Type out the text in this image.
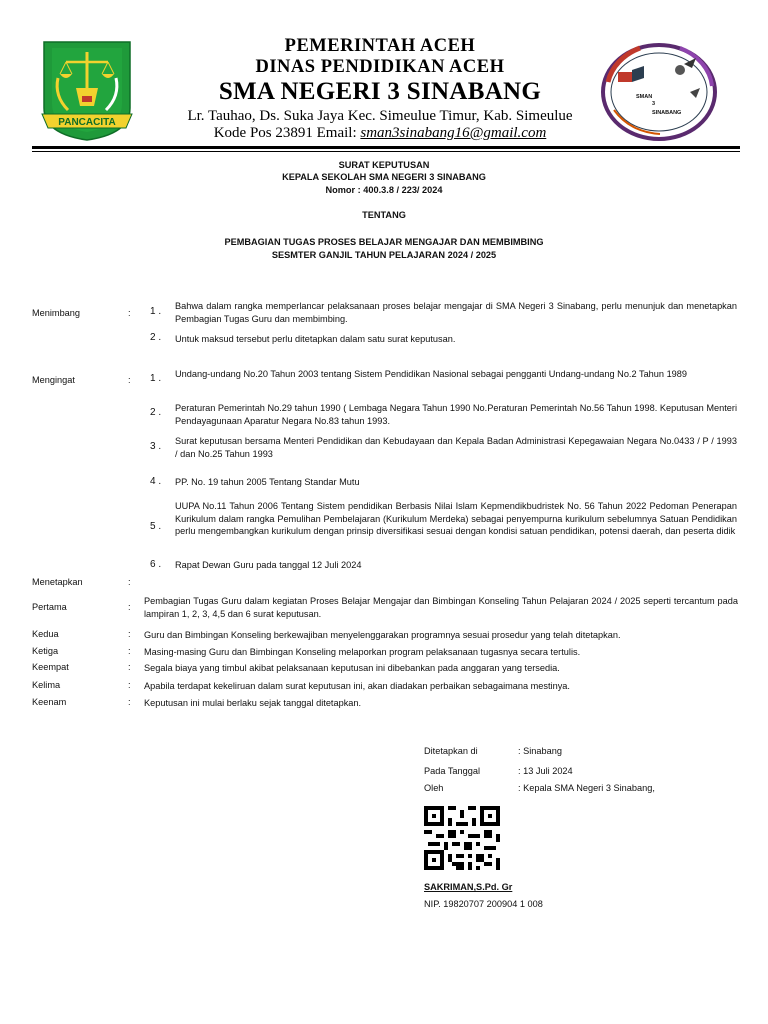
PANCACITA
PEMERINTAH ACEH
DINAS PENDIDIKAN ACEH
SMA NEGERI 3 SINABANG
Lr. Tauhao, Ds. Suka Jaya Kec. Simeulue Timur, Kab. Simeulue
Kode Pos 23891 Email: sman3sinabang16@gmail.com
SMAN
3
SINABANG
SURAT KEPUTUSAN
KEPALA SEKOLAH SMA NEGERI 3 SINABANG
Nomor : 400.3.8 / 223/ 2024
TENTANG
PEMBAGIAN TUGAS PROSES BELAJAR MENGAJAR DAN MEMBIMBING
SESMTER GANJIL TAHUN PELAJARAN 2024 / 2025
Menimbang	: 1 . Bahwa dalam rangka memperlancar pelaksanaan proses belajar mengajar di SMA Negeri 3 Sinabang, perlu menunjuk dan menetapkan Pembagian Tugas Guru dan membimbing.
2 . Untuk maksud tersebut perlu ditetapkan dalam satu surat keputusan.
Mengingat	: 1 . Undang-undang No.20 Tahun 2003 tentang Sistem Pendidikan Nasional sebagai pengganti Undang-undang No.2 Tahun 1989
2 . Peraturan Pemerintah No.29 tahun 1990 ( Lembaga Negara Tahun 1990 No.Peraturan Pemerintah No.56 Tahun 1998. Keputusan Menteri Pendayagunaan Aparatur Negara No.83 tahun 1993.
3 . Surat keputusan bersama Menteri Pendidikan dan Kebudayaan dan Kepala Badan Administrasi Kepegawaian Negara No.0433 / P / 1993 / dan No.25 Tahun 1993
4 . PP. No. 19 tahun 2005 Tentang Standar Mutu
5 .
UUPA No.11 Tahun 2006 Tentang Sistem pendidikan Berbasis Nilai Islam Kepmendikbudristek No. 56 Tahun 2022 Pedoman Penerapan Kurikulum dalam rangka Pemulihan Pembelajaran (Kurikulum Merdeka) sebagai penyempurna kurikulum sebelumnya Satuan Pendidikan perlu mengembangkan kurikulum dengan prinsip diversifikasi sesuai dengan kondisi satuan pendidikan, potensi daerah, dan peserta didik
6 . Rapat Dewan Guru pada tanggal 12 Juli 2024
Menetapkan	:
Pertama	:
Pembagian Tugas Guru dalam kegiatan Proses Belajar Mengajar dan Bimbingan Konseling Tahun Pelajaran 2024 / 2025 seperti tercantum pada lampiran 1, 2, 3, 4,5 dan 6 surat keputusan.
Kedua	: Guru dan Bimbingan Konseling berkewajiban menyelenggarakan programnya sesuai prosedur yang telah ditetapkan.
Ketiga	: Masing-masing Guru dan Bimbingan Konseling melaporkan program pelaksanaan tugasnya secara tertulis.
Keempat	: Segala biaya yang timbul akibat pelaksanaan keputusan ini dibebankan pada anggaran yang tersedia.
Kelima	: Apabila terdapat kekeliruan dalam surat keputusan ini, akan diadakan perbaikan sebagaimana mestinya.
Keenam	: Keputusan ini mulai berlaku sejak tanggal ditetapkan.
Ditetapkan di	: Sinabang
Pada Tanggal	: 13 Juli 2024
Oleh	: Kepala SMA Negeri 3 Sinabang,
SAKRIMAN,S.Pd. Gr
NIP. 19820707 200904 1 008
